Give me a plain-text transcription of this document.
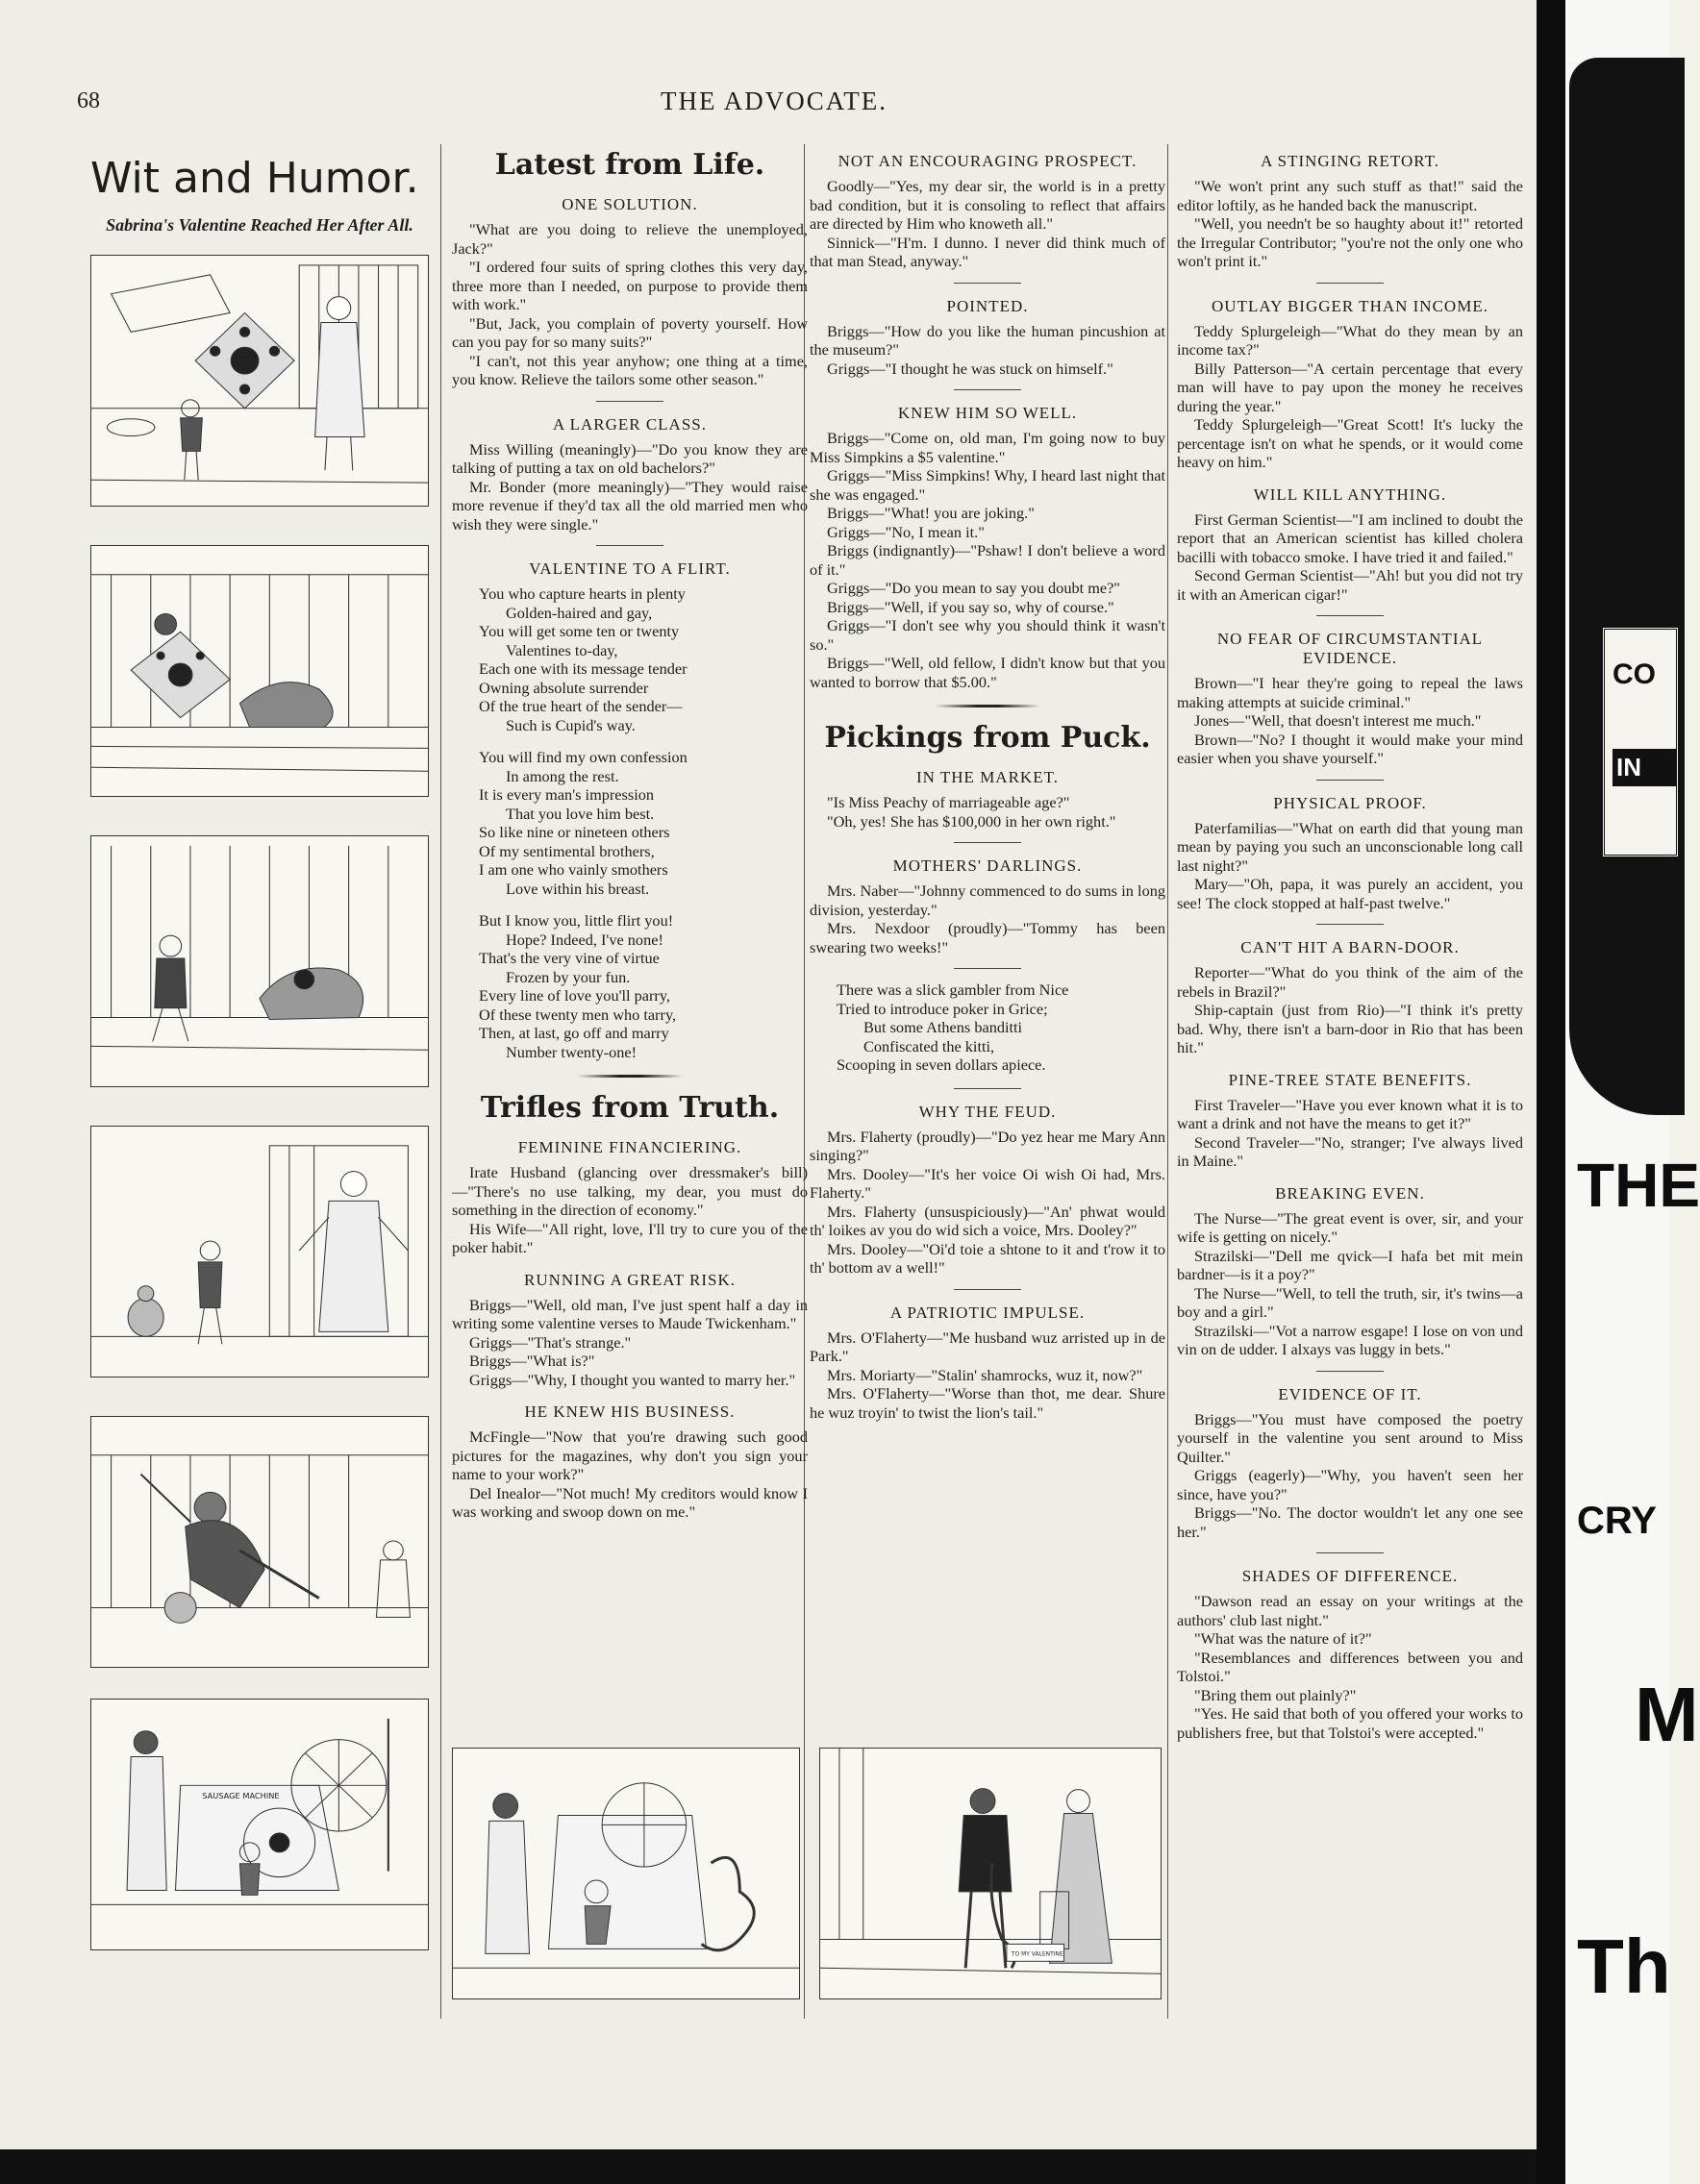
68	THE ADVOCATE.
Wit and Humor.
Sabrina's Valentine Reached Her After All.
SAUSAGE MACHINE
Latest from Life.
ONE SOLUTION.

"What are you doing to relieve the unemployed, Jack?"

"I ordered four suits of spring clothes this very day, three more than I needed, on purpose to provide them with work."

"But, Jack, you complain of poverty yourself. How can you pay for so many suits?"

"I can't, not this year anyhow; one thing at a time, you know. Relieve the tailors some other season."

A LARGER CLASS.

Miss Willing (meaningly)—"Do you know they are talking of putting a tax on old bachelors?"

Mr. Bonder (more meaningly)—"They would raise more revenue if they'd tax all the old married men who wish they were single."

VALENTINE TO A FLIRT.
You who capture hearts in plenty
Golden-haired and gay,
You will get some ten or twenty
Valentines to-day,
Each one with its message tender
Owning absolute surrender
Of the true heart of the sender—
Such is Cupid's way.
You will find my own confession
In among the rest.
It is every man's impression
That you love him best.
So like nine or nineteen others
Of my sentimental brothers,
I am one who vainly smothers
Love within his breast.
But I know you, little flirt you!
Hope? Indeed, I've none!
That's the very vine of virtue
Frozen by your fun.
Every line of love you'll parry,
Of these twenty men who tarry,
Then, at last, go off and marry
Number twenty-one!
Trifles from Truth.
FEMININE FINANCIERING.

Irate Husband (glancing over dressmaker's bill)—"There's no use talking, my dear, you must do something in the direction of economy."

His Wife—"All right, love, I'll try to cure you of the poker habit."

RUNNING A GREAT RISK.

Briggs—"Well, old man, I've just spent half a day in writing some valentine verses to Maude Twickenham."

Griggs—"That's strange."

Briggs—"What is?"

Griggs—"Why, I thought you wanted to marry her."

HE KNEW HIS BUSINESS.

McFingle—"Now that you're drawing such good pictures for the magazines, why don't you sign your name to your work?"

Del Inealor—"Not much! My creditors would know I was working and swoop down on me."

NOT AN ENCOURAGING PROSPECT.

Goodly—"Yes, my dear sir, the world is in a pretty bad condition, but it is consoling to reflect that affairs are directed by Him who knoweth all."

Sinnick—"H'm. I dunno. I never did think much of that man Stead, anyway."

POINTED.

Briggs—"How do you like the human pincushion at the museum?"

Griggs—"I thought he was stuck on himself."

KNEW HIM SO WELL.

Briggs—"Come on, old man, I'm going now to buy Miss Simpkins a $5 valentine."

Griggs—"Miss Simpkins! Why, I heard last night that she was engaged."

Briggs—"What! you are joking."

Griggs—"No, I mean it."

Briggs (indignantly)—"Pshaw! I don't believe a word of it."

Griggs—"Do you mean to say you doubt me?"

Briggs—"Well, if you say so, why of course."

Griggs—"I don't see why you should think it wasn't so."

Briggs—"Well, old fellow, I didn't know but that you wanted to borrow that $5.00."

Pickings from Puck.
IN THE MARKET.

"Is Miss Peachy of marriageable age?"

"Oh, yes! She has $100,000 in her own right."

MOTHERS' DARLINGS.

Mrs. Naber—"Johnny commenced to do sums in long division, yesterday."

Mrs. Nexdoor (proudly)—"Tommy has been swearing two weeks!"

There was a slick gambler from Nice
Tried to introduce poker in Grice;
But some Athens banditti
Confiscated the kitti,
Scooping in seven dollars apiece.
WHY THE FEUD.

Mrs. Flaherty (proudly)—"Do yez hear me Mary Ann singing?"

Mrs. Dooley—"It's her voice Oi wish Oi had, Mrs. Flaherty."

Mrs. Flaherty (unsuspiciously)—"An' phwat would th' loikes av you do wid sich a voice, Mrs. Dooley?"

Mrs. Dooley—"Oi'd toie a shtone to it and t'row it to th' bottom av a well!"

A PATRIOTIC IMPULSE.

Mrs. O'Flaherty—"Me husband wuz arristed up in de Park."

Mrs. Moriarty—"Stalin' shamrocks, wuz it, now?"

Mrs. O'Flaherty—"Worse than thot, me dear. Shure he wuz troyin' to twist the lion's tail."

TO MY VALENTINE
A STINGING RETORT.

"We won't print any such stuff as that!" said the editor loftily, as he handed back the manuscript.

"Well, you needn't be so haughty about it!" retorted the Irregular Contributor; "you're not the only one who won't print it."

OUTLAY BIGGER THAN INCOME.

Teddy Splurgeleigh—"What do they mean by an income tax?"

Billy Patterson—"A certain percentage that every man will have to pay upon the money he receives during the year."

Teddy Splurgeleigh—"Great Scott! It's lucky the percentage isn't on what he spends, or it would come heavy on him."

WILL KILL ANYTHING.

First German Scientist—"I am inclined to doubt the report that an American scientist has killed cholera bacilli with tobacco smoke. I have tried it and failed."

Second German Scientist—"Ah! but you did not try it with an American cigar!"

NO FEAR OF CIRCUMSTANTIAL EVIDENCE.

Brown—"I hear they're going to repeal the laws making attempts at suicide criminal."

Jones—"Well, that doesn't interest me much."

Brown—"No? I thought it would make your mind easier when you shave yourself."

PHYSICAL PROOF.

Paterfamilias—"What on earth did that young man mean by paying you such an unconscionable long call last night?"

Mary—"Oh, papa, it was purely an accident, you see! The clock stopped at half-past twelve."

CAN'T HIT A BARN-DOOR.

Reporter—"What do you think of the aim of the rebels in Brazil?"

Ship-captain (just from Rio)—"I think it's pretty bad. Why, there isn't a barn-door in Rio that has been hit."

PINE-TREE STATE BENEFITS.

First Traveler—"Have you ever known what it is to want a drink and not have the means to get it?"

Second Traveler—"No, stranger; I've always lived in Maine."

BREAKING EVEN.

The Nurse—"The great event is over, sir, and your wife is getting on nicely."

Strazilski—"Dell me qvick—I hafa bet mit mein bardner—is it a poy?"

The Nurse—"Well, to tell the truth, sir, it's twins—a boy and a girl."

Strazilski—"Vot a narrow esgape! I lose on von und vin on de udder. I alxays vas luggy in bets."

EVIDENCE OF IT.

Briggs—"You must have composed the poetry yourself in the valentine you sent around to Miss Quilter."

Griggs (eagerly)—"Why, you haven't seen her since, have you?"

Briggs—"No. The doctor wouldn't let any one see her."

SHADES OF DIFFERENCE.

"Dawson read an essay on your writings at the authors' club last night."

"What was the nature of it?"

"Resemblances and differences between you and Tolstoi."

"Bring them out plainly?"

"Yes. He said that both of you offered your works to publishers free, but that Tolstoi's were accepted."

CO
IN
THE
CRY
M
Th
